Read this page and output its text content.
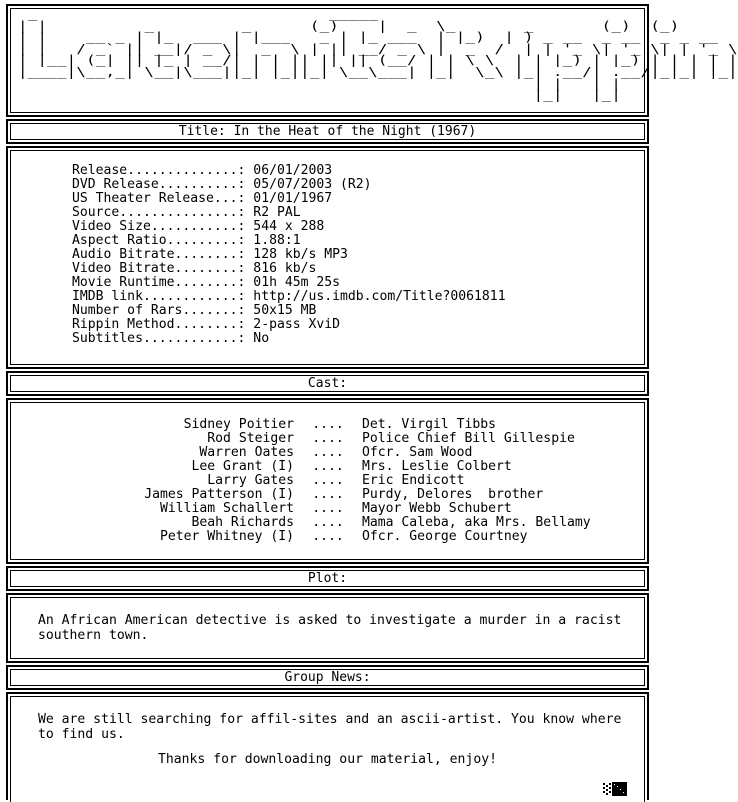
_                              _____
| |          _         _      (_)    |  _  \_       _       (_)  (_)
| |    __ _ | |_  ___ | |___   _ | |_ ___  | |_)  | ) _ __  _ __  _ _ __
| |   / _` || __|/ _ \|  _  \ | || __/ _ \ |  _  /  | | '_ \| '_ \| | '_ \
| |__| (_| || |_ | __/| | | || || || (__/ | | \ \  | | |_) | |_) | | | | |
|____|\__,_| \__|\___||_| |_||_| \__\___| |_|  \_\ |_| .__/| .__/|_|_| |_|
| |   | |
|_|   |_|
Title: In the Heat of the Night (1967)
Release..............: 06/01/2003
DVD Release..........: 05/07/2003 (R2)
US Theater Release...: 01/01/1967
Source...............: R2 PAL
Video Size...........: 544 x 288
Aspect Ratio.........: 1.88:1
Audio Bitrate........: 128 kb/s MP3
Video Bitrate........: 816 kb/s
Movie Runtime........: 01h 45m 25s
IMDB link............: http://us.imdb.com/Title?0061811
Number of Rars.......: 50x15 MB
Rippin Method........: 2-pass XviD
Subtitles............: No
Cast:
Sidney Poitier	....	Det. Virgil Tibbs
Rod Steiger	....	Police Chief Bill Gillespie
Warren Oates	....	Ofcr. Sam Wood
Lee Grant (I)	....	Mrs. Leslie Colbert
Larry Gates	....	Eric Endicott
James Patterson (I)	....	Purdy, Delores  brother
William Schallert	....	Mayor Webb Schubert
Beah Richards	....	Mama Caleba, aka Mrs. Bellamy
Peter Whitney (I)	....	Ofcr. George Courtney
Plot:

An African American detective is asked to investigate a murder in a racist southern town.

Group News:

We are still searching for affil-sites and an ascii-artist. You know where to find us.

Thanks for downloading our material, enjoy!
